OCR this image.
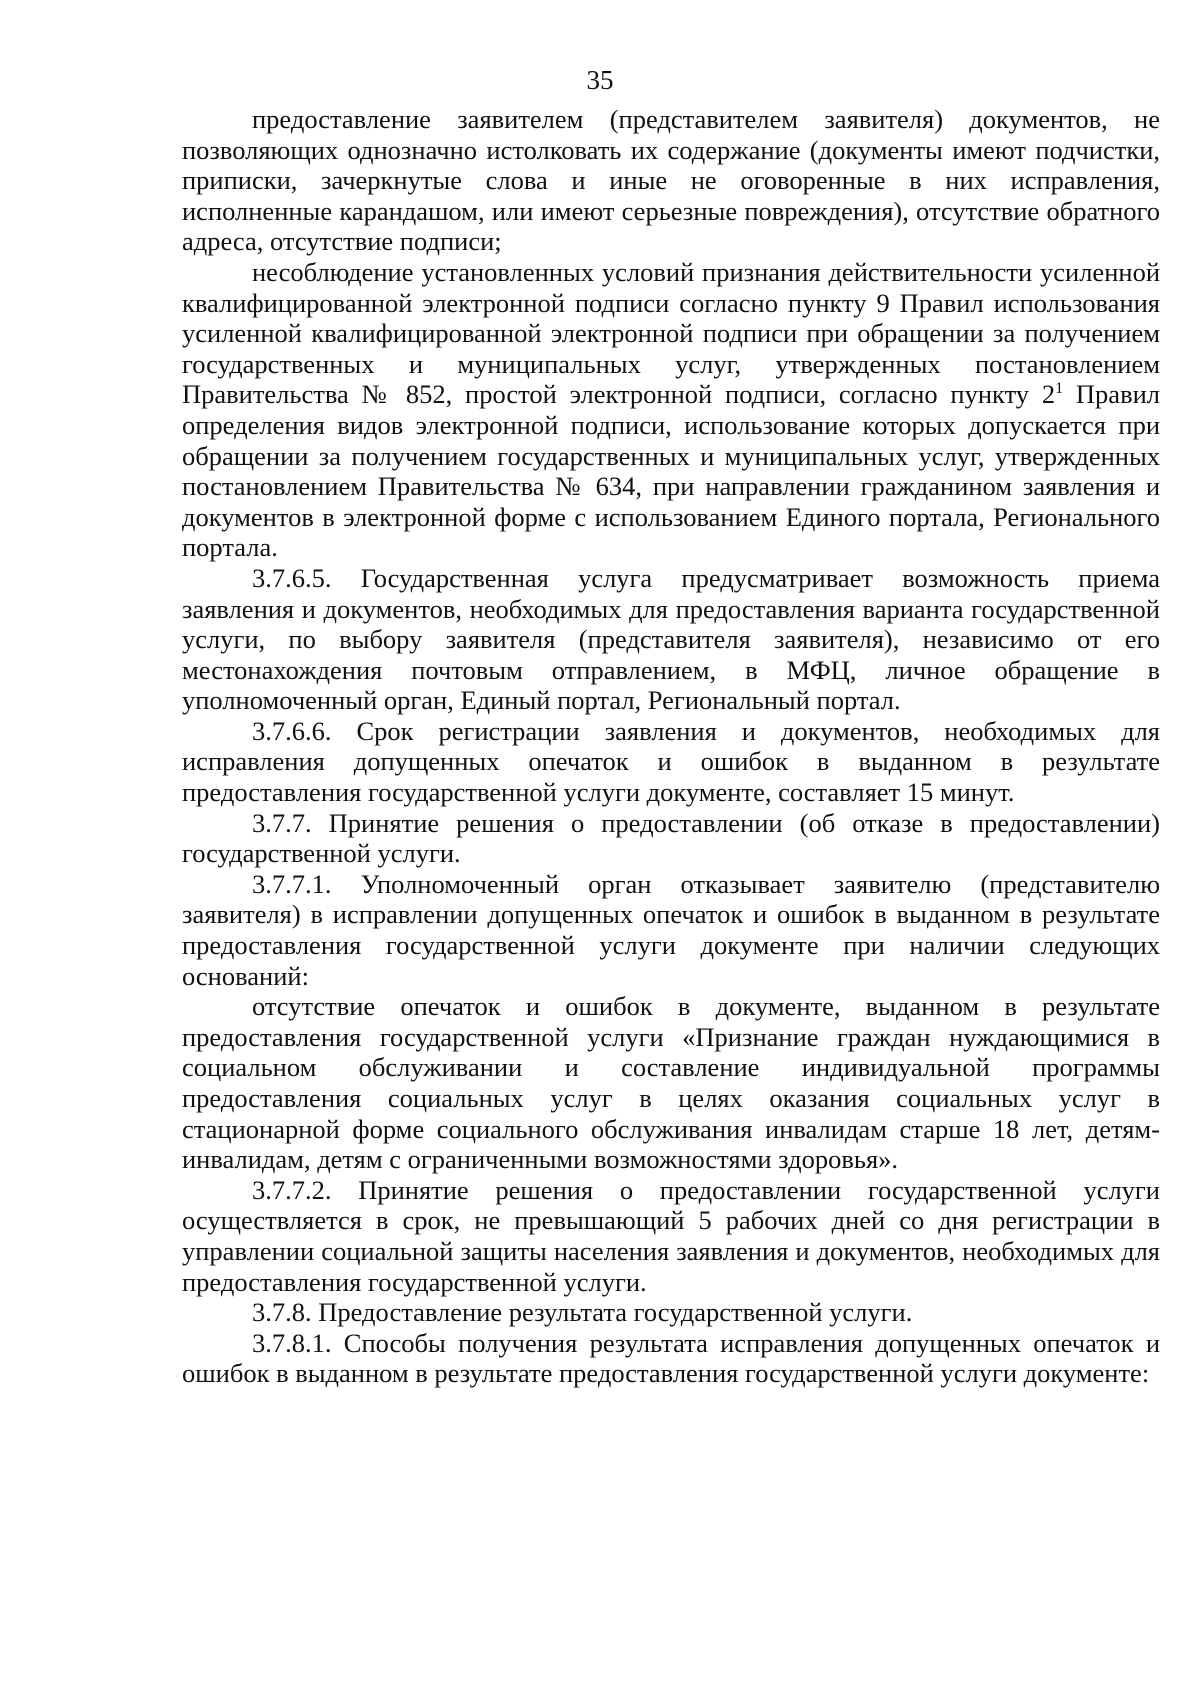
35

предоставление заявителем (представителем заявителя) документов, не позволяющих однозначно истолковать их содержание (документы имеют подчистки, приписки, зачеркнутые слова и иные не оговоренные в них исправления, исполненные карандашом, или имеют серьезные повреждения), отсутствие обратного адреса, отсутствие подписи;

несоблюдение установленных условий признания действительности усиленной квалифицированной электронной подписи согласно пункту 9 Правил использования усиленной квалифицированной электронной подписи при обращении за получением государственных и муниципальных услуг, утвержденных постановлением Правительства № 852, простой электронной подписи, согласно пункту $2^1$ Правил определения видов электронной подписи, использование которых допускается при обращении за получением государственных и муниципальных услуг, утвержденных постановлением Правительства № 634, при направлении гражданином заявления и документов в электронной форме с использованием Единого портала, Регионального портала.

3.7.6.5. Государственная услуга предусматривает возможность приема заявления и документов, необходимых для предоставления варианта государственной услуги, по выбору заявителя (представителя заявителя), независимо от его местонахождения почтовым отправлением, в МФЦ, личное обращение в уполномоченный орган, Единый портал, Региональный портал.

3.7.6.6. Срок регистрации заявления и документов, необходимых для исправления допущенных опечаток и ошибок в выданном в результате предоставления государственной услуги документе, составляет 15 минут.

3.7.7. Принятие решения о предоставлении (об отказе в предоставлении) государственной услуги.

3.7.7.1. Уполномоченный орган отказывает заявителю (представителю заявителя) в исправлении допущенных опечаток и ошибок в выданном в результате предоставления государственной услуги документе при наличии следующих оснований:

отсутствие опечаток и ошибок в документе, выданном в результате предоставления государственной услуги «Признание граждан нуждающимися в социальном обслуживании и составление индивидуальной программы предоставления социальных услуг в целях оказания социальных услуг в стационарной форме социального обслуживания инвалидам старше 18 лет, детям-инвалидам, детям с ограниченными возможностями здоровья».

3.7.7.2. Принятие решения о предоставлении государственной услуги осуществляется в срок, не превышающий 5 рабочих дней со дня регистрации в управлении социальной защиты населения заявления и документов, необходимых для предоставления государственной услуги.

3.7.8. Предоставление результата государственной услуги.

3.7.8.1. Способы получения результата исправления допущенных опечаток и ошибок в выданном в результате предоставления государственной услуги документе:
